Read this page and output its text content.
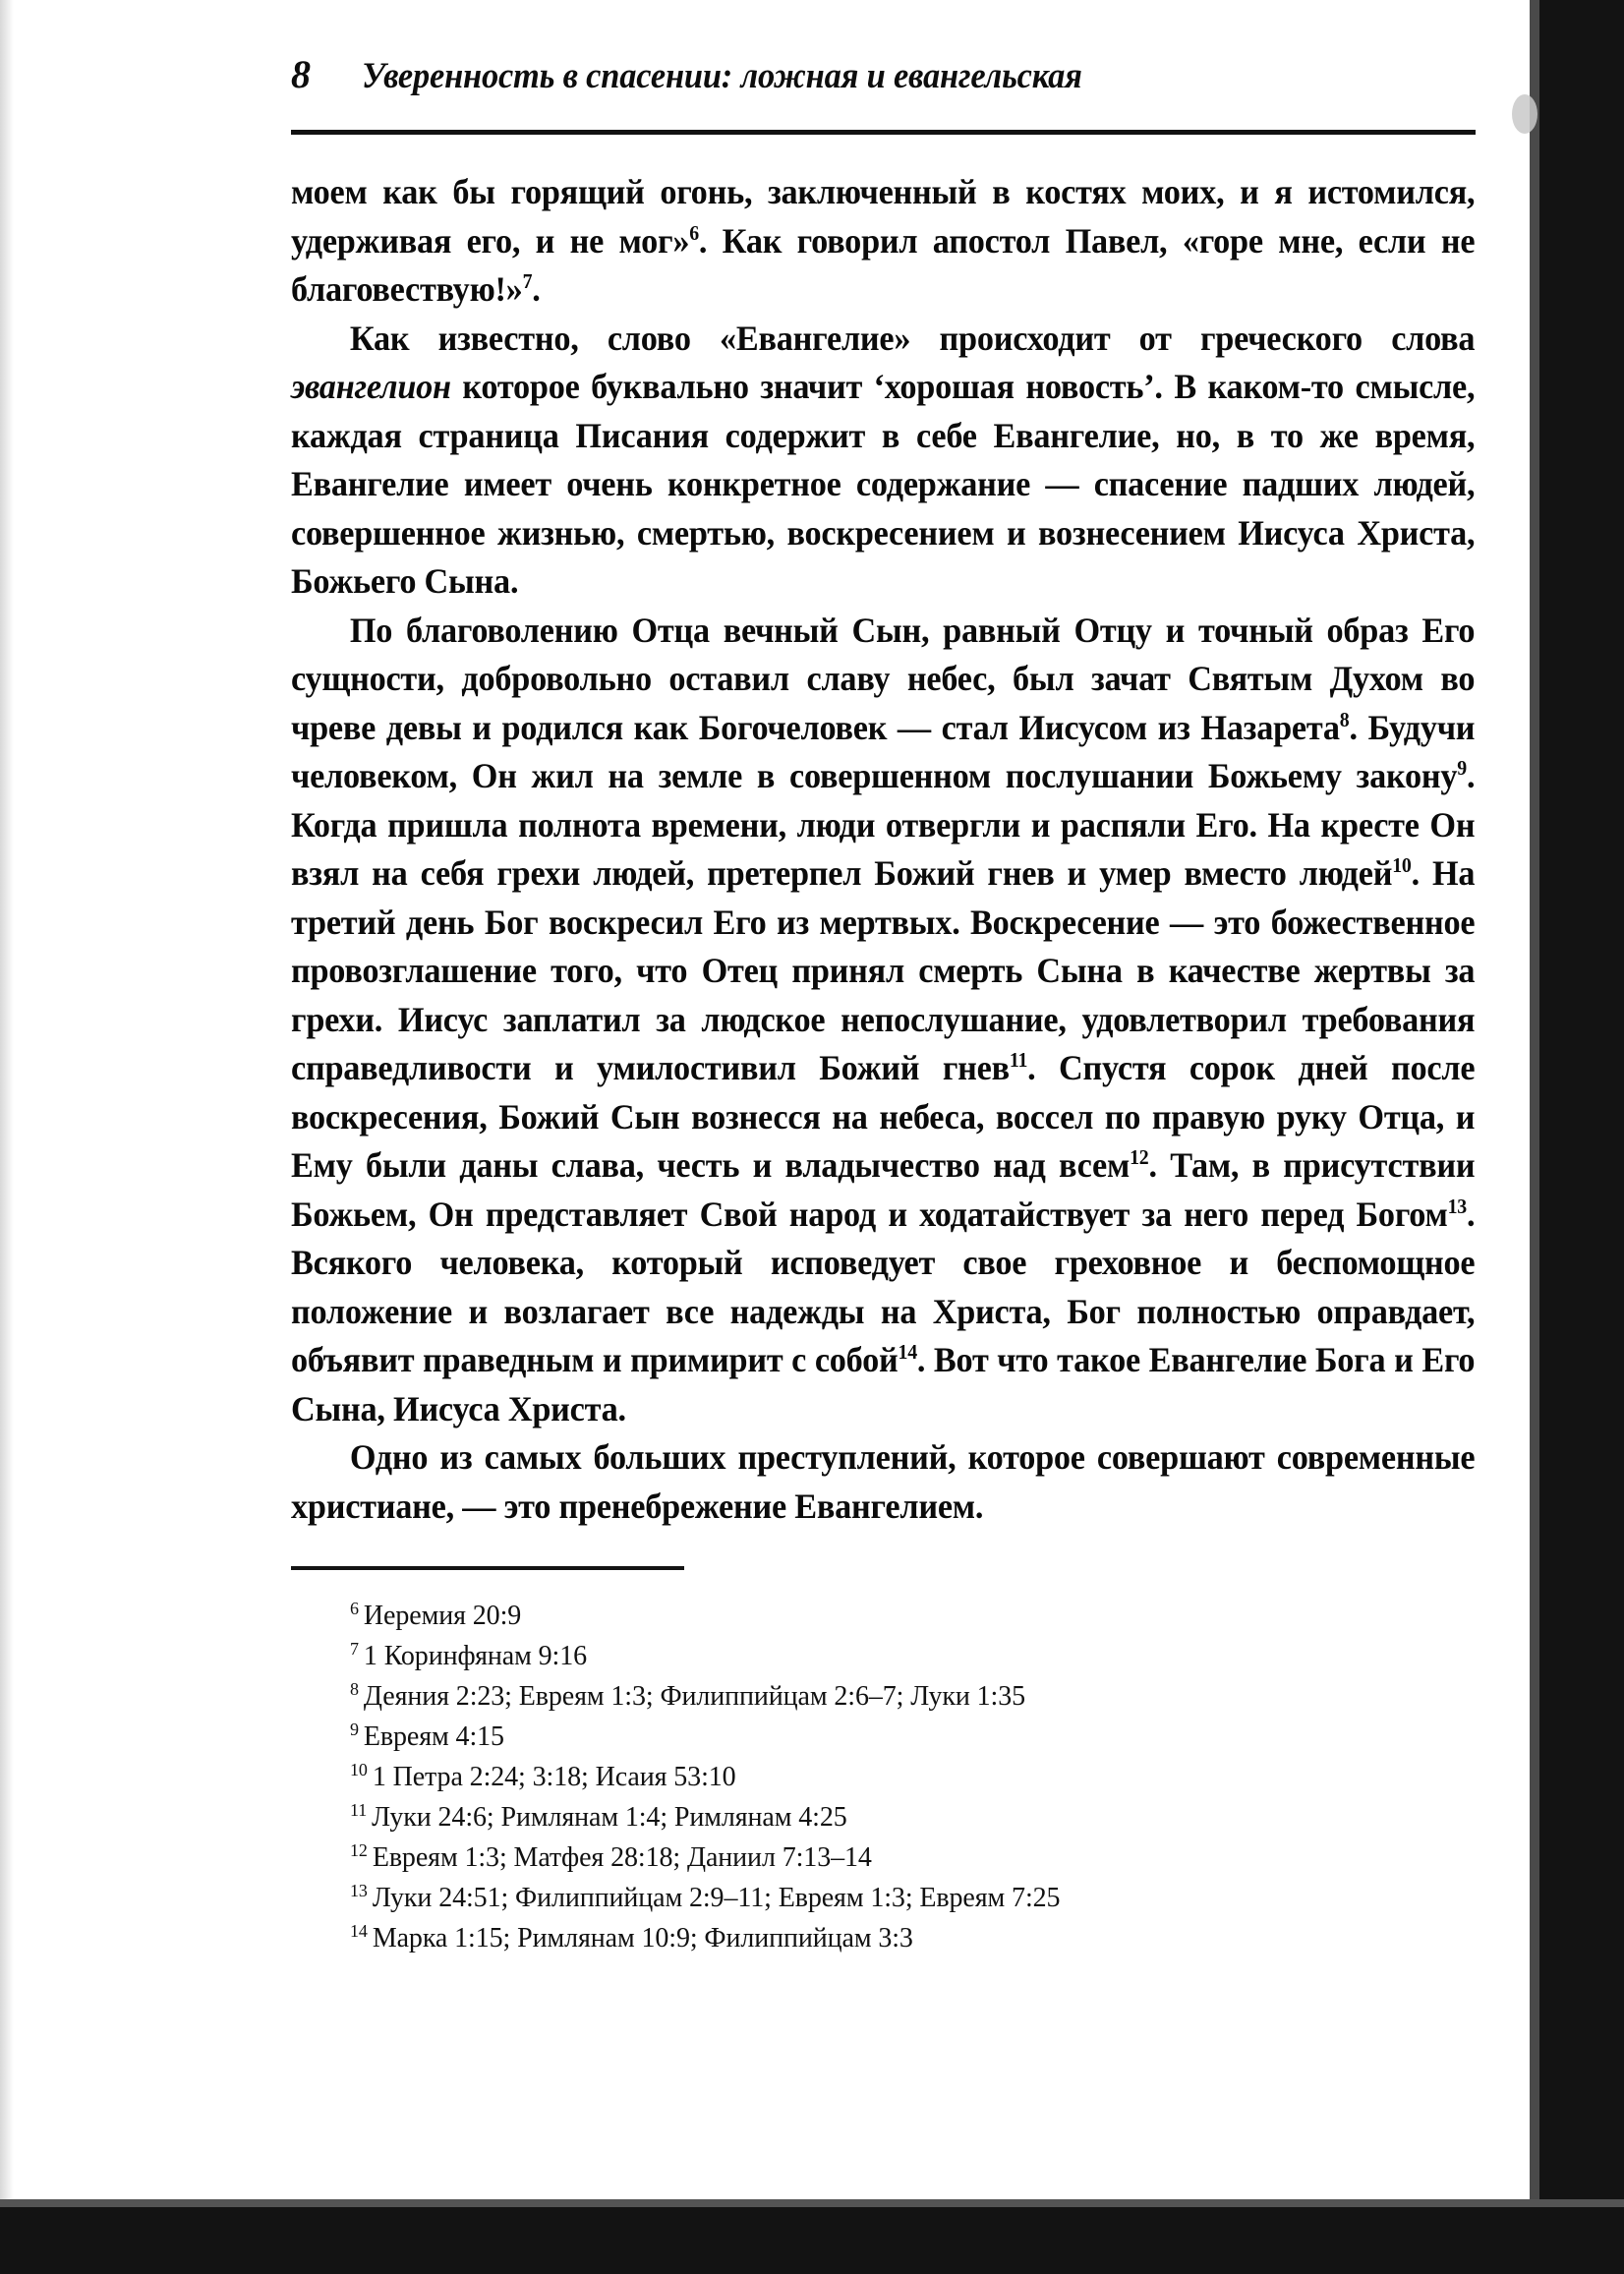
8	Уверенность в спасении: ложная и евангельская

моем как бы горящий огонь, заключенный в костях моих, и я истомился, удерживая его, и не мог»$^6$. Как говорил апостол Павел, «горе мне, если не благовествую!»$^7$.

Как известно, слово «Евангелие» происходит от греческого слова эвангелион которое буквально значит ‘хорошая новость’. В каком-то смысле, каждая страница Писания содержит в себе Евангелие, но, в то же время, Евангелие имеет очень конкретное содержание — спасение падших людей, совершенное жизнью, смертью, воскресением и вознесением Иисуса Христа, Божьего Сына.

По благоволению Отца вечный Сын, равный Отцу и точный образ Его сущности, добровольно оставил славу небес, был зачат Святым Духом во чреве девы и родился как Богочеловек — стал Иисусом из Назарета$^8$. Будучи человеком, Он жил на земле в совершенном послушании Божьему закону$^9$. Когда пришла полнота времени, люди отвергли и распяли Его. На кресте Он взял на себя грехи людей, претерпел Божий гнев и умер вместо людей$^{10}$. На третий день Бог воскресил Его из мертвых. Воскресение — это божественное провозглашение того, что Отец принял смерть Сына в качестве жертвы за грехи. Иисус заплатил за людское непослушание, удовлетворил требования справедливости и умилостивил Божий гнев$^{11}$. Спустя сорок дней после воскресения, Божий Сын вознесся на небеса, воссел по правую руку Отца, и Ему были даны слава, честь и владычество над всем$^{12}$. Там, в присутствии Божьем, Он представляет Свой народ и ходатайствует за него перед Богом$^{13}$. Всякого человека, который исповедует свое греховное и беспомощное положение и возлагает все надежды на Христа, Бог полностью оправдает, объявит праведным и примирит с собой$^{14}$. Вот что такое Евангелие Бога и Его Сына, Иисуса Христа.

Одно из самых больших преступлений, которое совершают современные христиане, — это пренебрежение Евангелием.

$^6$ Иеремия 20:9
$^7$ 1 Коринфянам 9:16
$^8$ Деяния 2:23; Евреям 1:3; Филиппийцам 2:6–7; Луки 1:35
$^9$ Евреям 4:15
$^{10}$ 1 Петра 2:24; 3:18; Исаия 53:10
$^{11}$ Луки 24:6; Римлянам 1:4; Римлянам 4:25
$^{12}$ Евреям 1:3; Матфея 28:18; Даниил 7:13–14
$^{13}$ Луки 24:51; Филиппийцам 2:9–11; Евреям 1:3; Евреям 7:25
$^{14}$ Марка 1:15; Римлянам 10:9; Филиппийцам 3:3
